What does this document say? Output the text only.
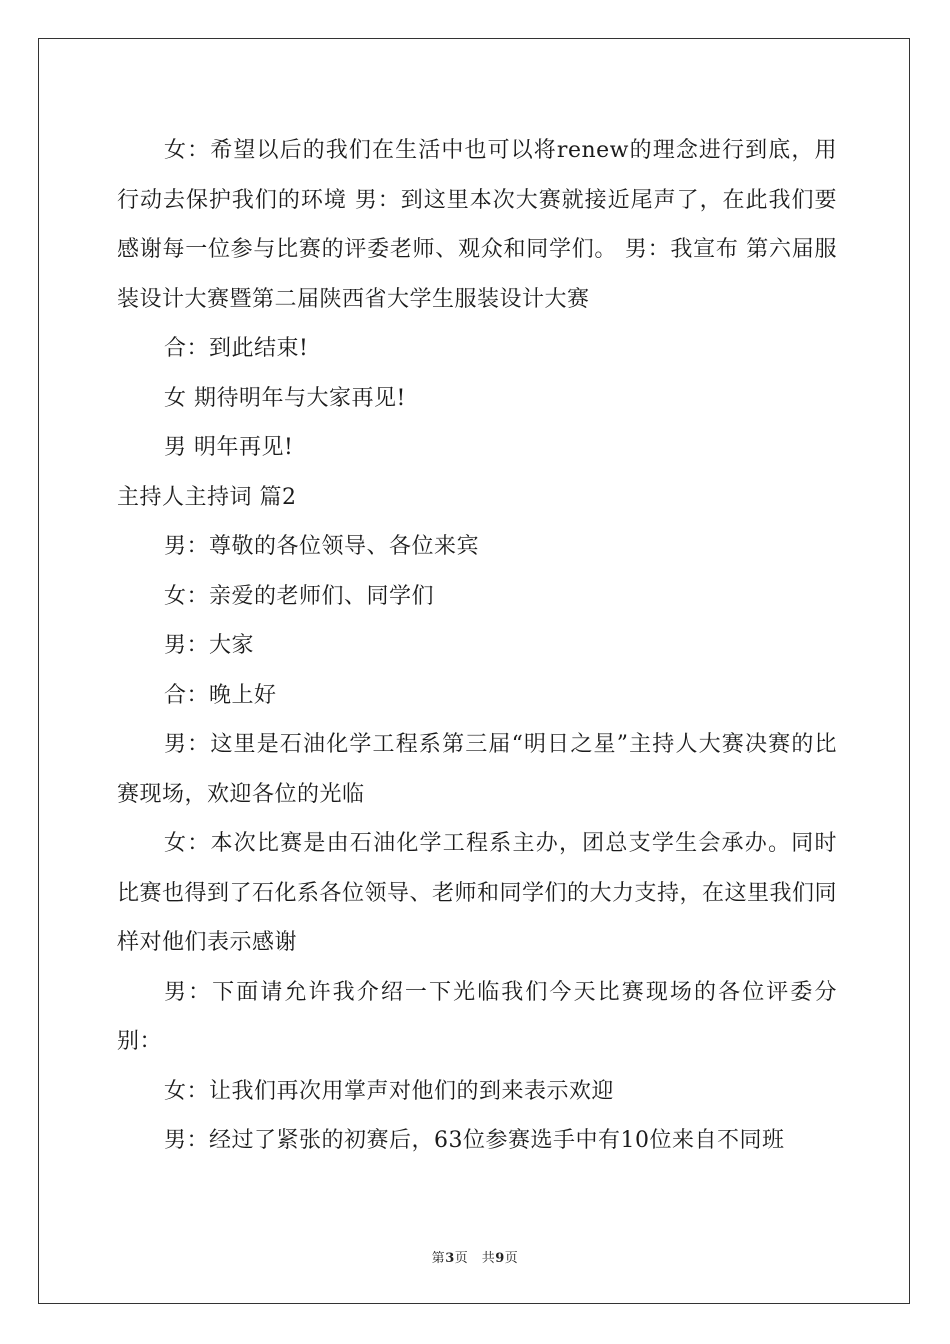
女：希望以后的我们在生活中也可以将renew的理念进行到底，用行动去保护我们的环境 男：到这里本次大赛就接近尾声了，在此我们要感谢每一位参与比赛的评委老师、观众和同学们。 男：我宣布 第六届服装设计大赛暨第二届陕西省大学生服装设计大赛

合：到此结束!

女 期待明年与大家再见!

男 明年再见!

主持人主持词 篇2

男：尊敬的各位领导、各位来宾

女：亲爱的老师们、同学们

男：大家

合：晚上好

男：这里是石油化学工程系第三届“明日之星”主持人大赛决赛的比赛现场，欢迎各位的光临

女：本次比赛是由石油化学工程系主办，团总支学生会承办。同时比赛也得到了石化系各位领导、老师和同学们的大力支持，在这里我们同样对他们表示感谢

男：下面请允许我介绍一下光临我们今天比赛现场的各位评委分别：

女：让我们再次用掌声对他们的到来表示欢迎

男：经过了紧张的初赛后，63位参赛选手中有10位来自不同班

第3页　共9页
